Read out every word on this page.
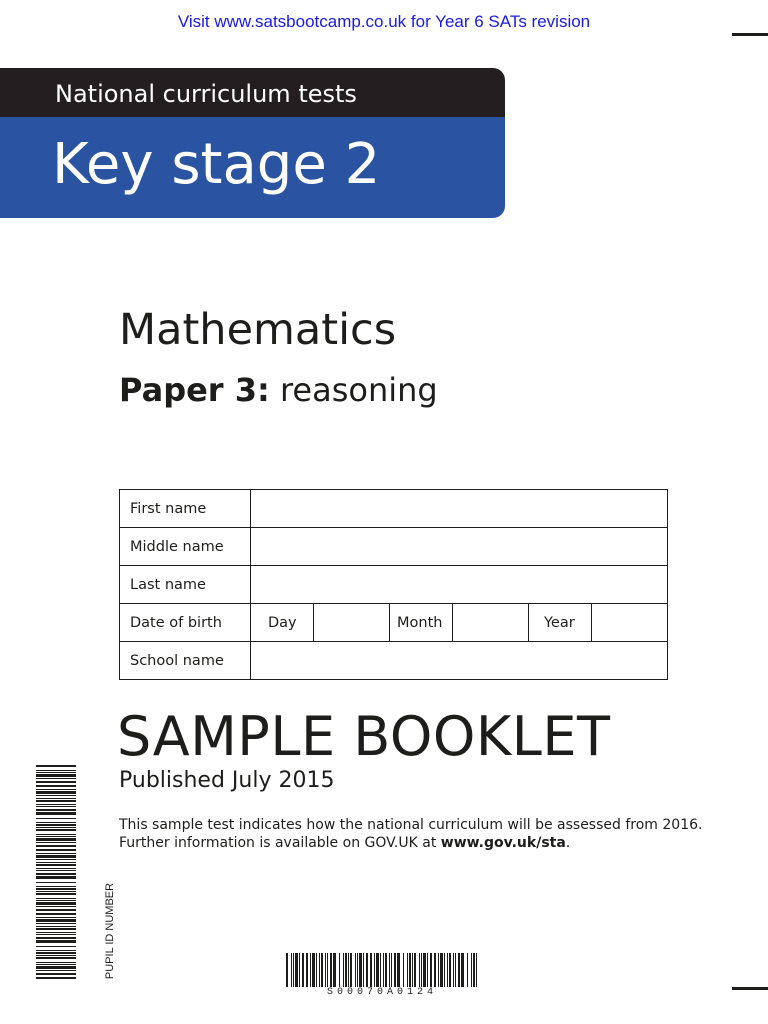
Visit www.satsbootcamp.co.uk for Year 6 SATs revision
National curriculum tests
Key stage 2
Mathematics
Paper 3: reasoning
First name						
Middle name						
Last name						
Date of birth	Day		Month		Year	
School name						
SAMPLE BOOKLET
Published July 2015
This sample test indicates how the national curriculum will be assessed from 2016.
Further information is available on GOV.UK at www.gov.uk/sta.
PUPIL ID NUMBER
S00070A0124
